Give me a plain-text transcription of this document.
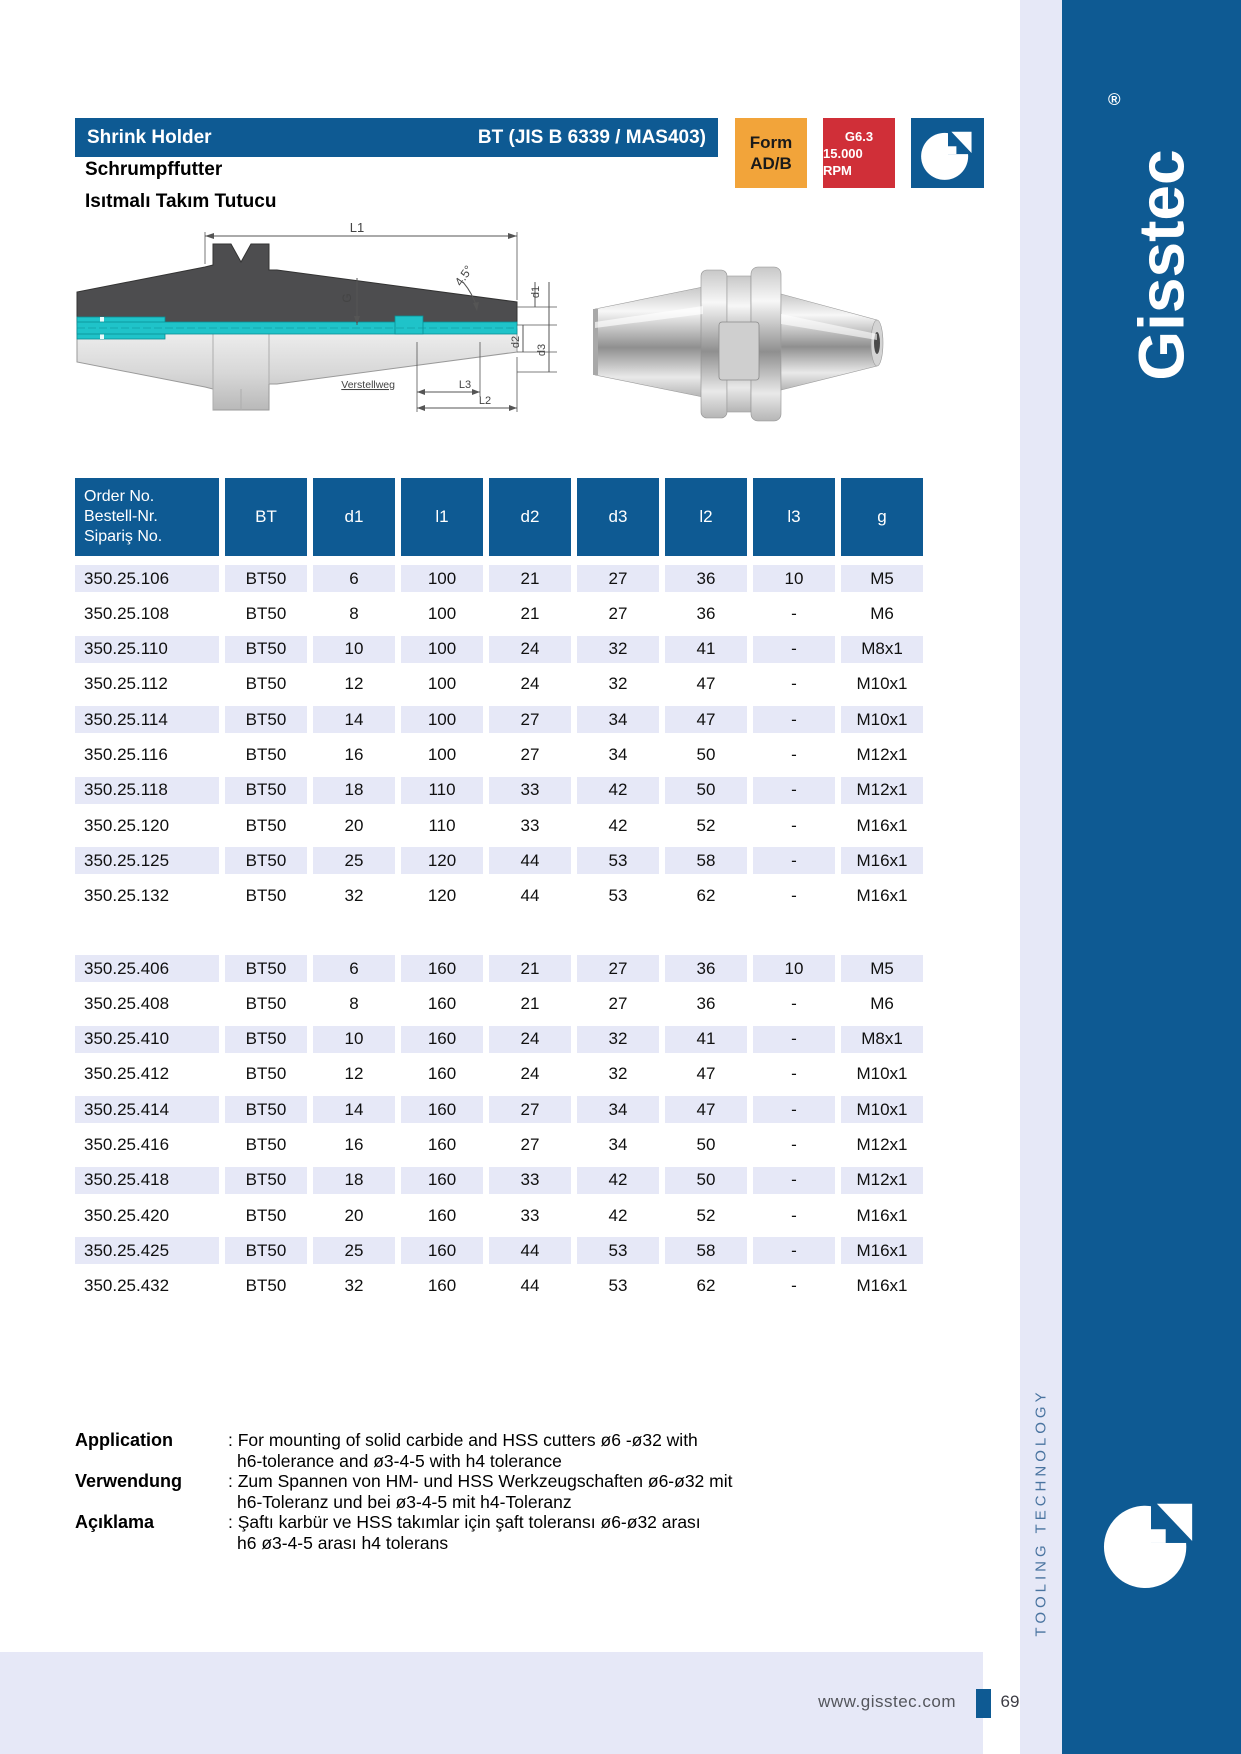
Gisstec
®
TOOLING TECHNOLOGY
Shrink Holder	BT (JIS B 6339 / MAS403)
Schrumpffutter
Isıtmalı Takım Tutucu
Form
AD/B
G6.3
15.000 RPM
L1
G
4.5°
d1
d2
d3
Verstellweg	L3
L2
Order No.
Bestell-Nr.
Sipariş No.
BT	d1	l1	d2	d3	l2	l3	g
350.25.106	BT50	6	100	21	27	36	10	M5
350.25.108	BT50	8	100	21	27	36	-	M6
350.25.110	BT50	10	100	24	32	41	-	M8x1
350.25.112	BT50	12	100	24	32	47	-	M10x1
350.25.114	BT50	14	100	27	34	47	-	M10x1
350.25.116	BT50	16	100	27	34	50	-	M12x1
350.25.118	BT50	18	110	33	42	50	-	M12x1
350.25.120	BT50	20	110	33	42	52	-	M16x1
350.25.125	BT50	25	120	44	53	58	-	M16x1
350.25.132	BT50	32	120	44	53	62	-	M16x1
350.25.406	BT50	6	160	21	27	36	10	M5
350.25.408	BT50	8	160	21	27	36	-	M6
350.25.410	BT50	10	160	24	32	41	-	M8x1
350.25.412	BT50	12	160	24	32	47	-	M10x1
350.25.414	BT50	14	160	27	34	47	-	M10x1
350.25.416	BT50	16	160	27	34	50	-	M12x1
350.25.418	BT50	18	160	33	42	50	-	M12x1
350.25.420	BT50	20	160	33	42	52	-	M16x1
350.25.425	BT50	25	160	44	53	58	-	M16x1
350.25.432	BT50	32	160	44	53	62	-	M16x1
Application	: For mounting of solid carbide and HSS cutters ø6 -ø32 with
h6-tolerance and ø3-4-5 with h4 tolerance
Verwendung	: Zum Spannen von HM- und HSS Werkzeugschaften ø6-ø32 mit
h6-Toleranz und bei ø3-4-5 mit h4-Toleranz
Açıklama	: Şaftı karbür ve HSS takımlar için şaft toleransı ø6-ø32 arası
h6 ø3-4-5 arası h4 tolerans
www.gisstec.com	69
